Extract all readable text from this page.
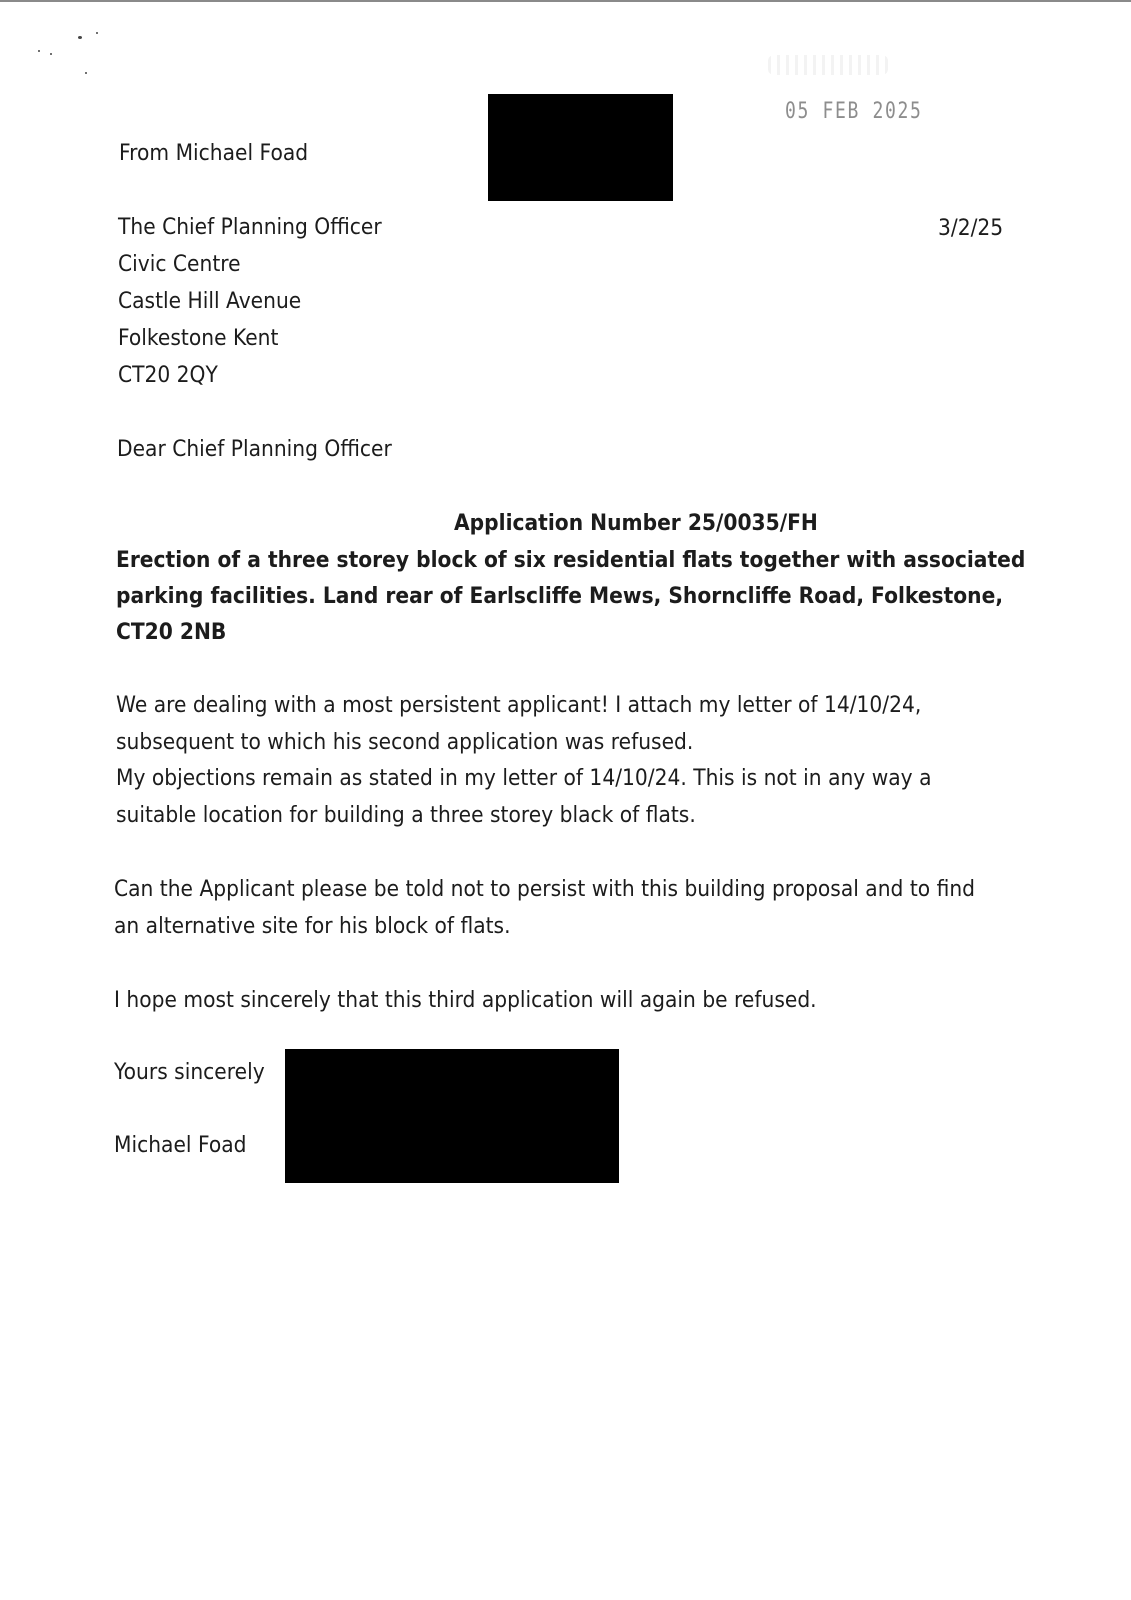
05 FEB 2025
From Michael Foad
3/2/25
The Chief Planning Officer
Civic Centre
Castle Hill Avenue
Folkestone Kent
CT20 2QY
Dear Chief Planning Officer
Application Number 25/0035/FH
Erection of a three storey block of six residential flats together with associated
parking facilities. Land rear of Earlscliffe Mews, Shorncliffe Road, Folkestone,
CT20 2NB
We are dealing with a most persistent applicant! I attach my letter of 14/10/24,
subsequent to which his second application was refused.
My objections remain as stated in my letter of 14/10/24. This is not in any way a
suitable location for building a three storey black of flats.
Can the Applicant please be told not to persist with this building proposal and to find
an alternative site for his block of flats.
I hope most sincerely that this third application will again be refused.
Yours sincerely
Michael Foad
